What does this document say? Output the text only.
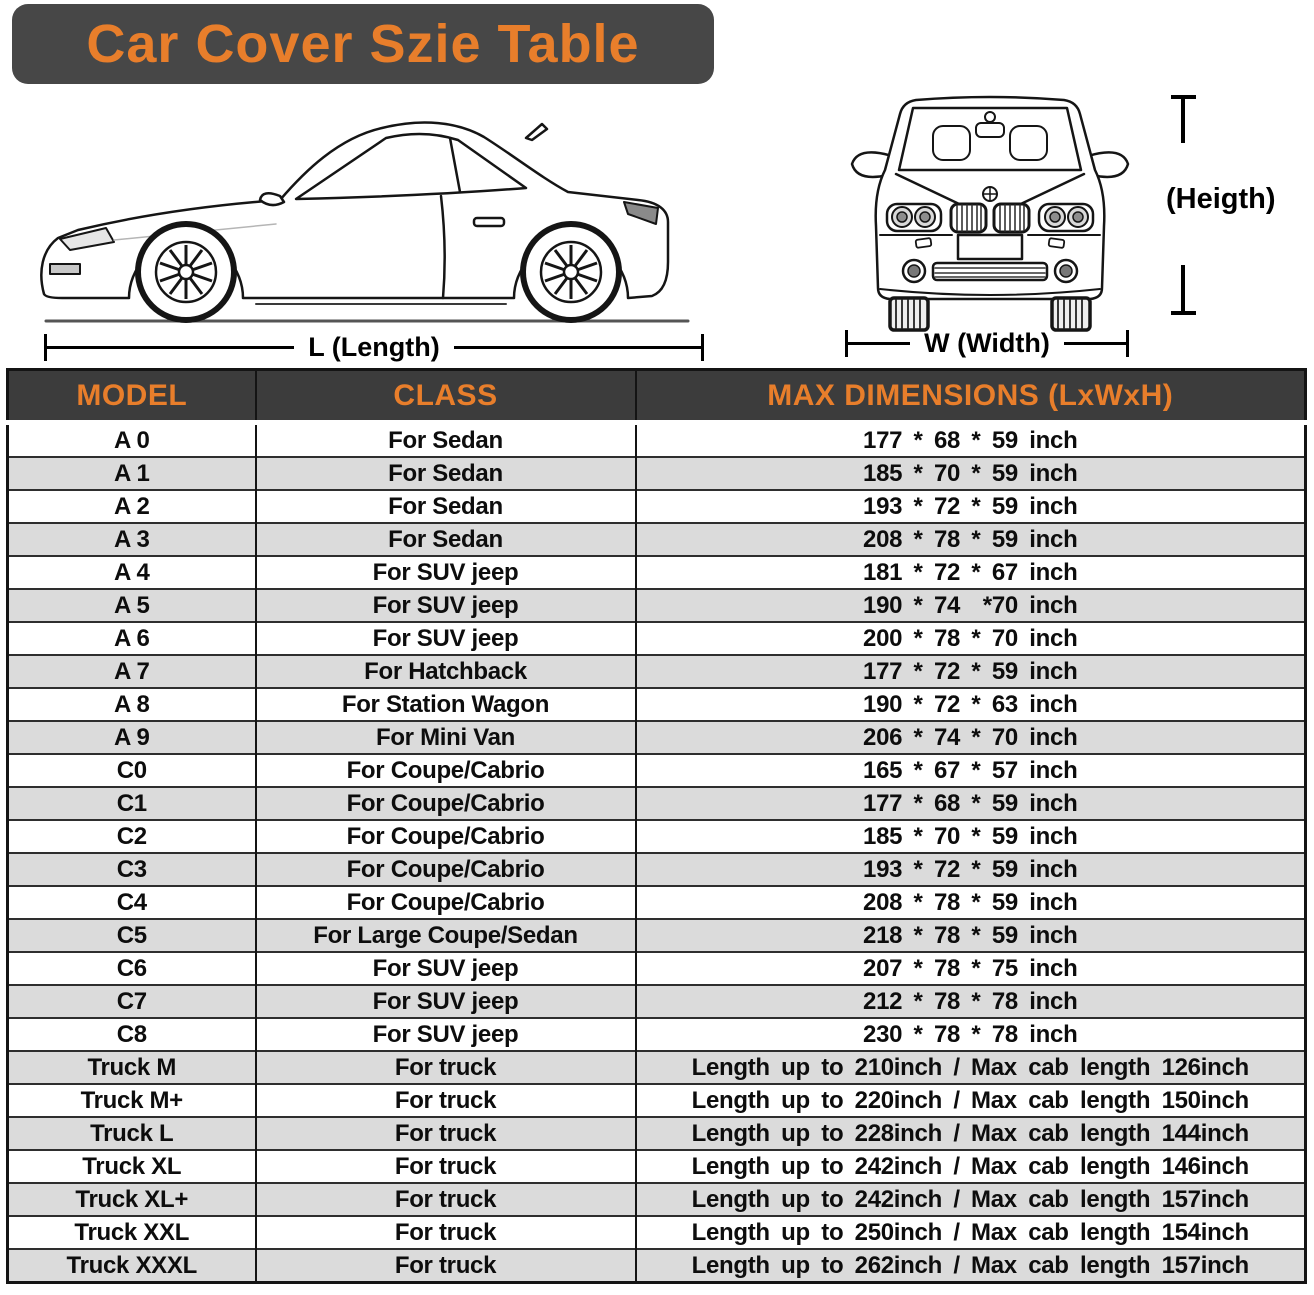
Car Cover Szie Table
L (Length)	W (Width)
(Heigth)
MODEL	CLASS	MAX DIMENSIONS (LxWxH)
A 0	For Sedan	177 * 68 * 59 inch
A 1	For Sedan	185 * 70 * 59 inch
A 2	For Sedan	193 * 72 * 59 inch
A 3	For Sedan	208 * 78 * 59 inch
A 4	For SUV jeep	181 * 72 * 67 inch
A 5	For SUV jeep	190 * 74  *70 inch
A 6	For SUV jeep	200 * 78 * 70 inch
A 7	For Hatchback	177 * 72 * 59 inch
A 8	For Station Wagon	190 * 72 * 63 inch
A 9	For Mini Van	206 * 74 * 70 inch
C0	For Coupe/Cabrio	165 * 67 * 57 inch
C1	For Coupe/Cabrio	177 * 68 * 59 inch
C2	For Coupe/Cabrio	185 * 70 * 59 inch
C3	For Coupe/Cabrio	193 * 72 * 59 inch
C4	For Coupe/Cabrio	208 * 78 * 59 inch
C5	For Large Coupe/Sedan	218 * 78 * 59 inch
C6	For SUV jeep	207 * 78 * 75 inch
C7	For SUV jeep	212 * 78 * 78 inch
C8	For SUV jeep	230 * 78 * 78 inch
Truck M	For truck	Length up to 210inch / Max cab length 126inch
Truck M+	For truck	Length up to 220inch / Max cab length 150inch
Truck L	For truck	Length up to 228inch / Max cab length 144inch
Truck XL	For truck	Length up to 242inch / Max cab length 146inch
Truck XL+	For truck	Length up to 242inch / Max cab length 157inch
Truck XXL	For truck	Length up to 250inch / Max cab length 154inch
Truck XXXL	For truck	Length up to 262inch / Max cab length 157inch
